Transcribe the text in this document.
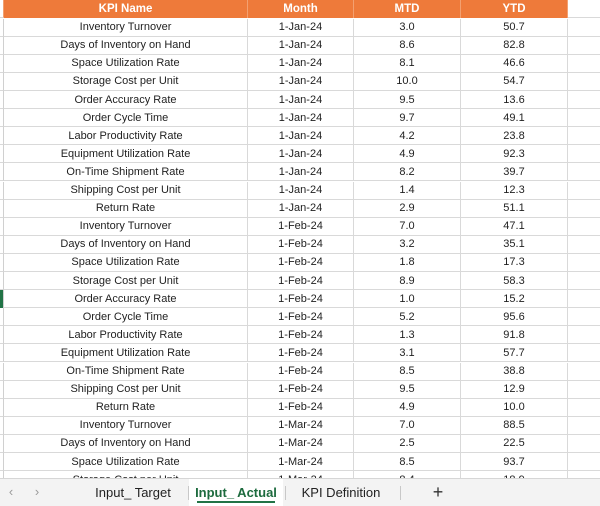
KPI Name	Month	MTD	YTD
Inventory Turnover	1-Jan-24	3.0	50.7
Days of Inventory on Hand	1-Jan-24	8.6	82.8
Space Utilization Rate	1-Jan-24	8.1	46.6
Storage Cost per Unit	1-Jan-24	10.0	54.7
Order Accuracy Rate	1-Jan-24	9.5	13.6
Order Cycle Time	1-Jan-24	9.7	49.1
Labor Productivity Rate	1-Jan-24	4.2	23.8
Equipment Utilization Rate	1-Jan-24	4.9	92.3
On-Time Shipment Rate	1-Jan-24	8.2	39.7
Shipping Cost per Unit	1-Jan-24	1.4	12.3
Return Rate	1-Jan-24	2.9	51.1
Inventory Turnover	1-Feb-24	7.0	47.1
Days of Inventory on Hand	1-Feb-24	3.2	35.1
Space Utilization Rate	1-Feb-24	1.8	17.3
Storage Cost per Unit	1-Feb-24	8.9	58.3
Order Accuracy Rate	1-Feb-24	1.0	15.2
Order Cycle Time	1-Feb-24	5.2	95.6
Labor Productivity Rate	1-Feb-24	1.3	91.8
Equipment Utilization Rate	1-Feb-24	3.1	57.7
On-Time Shipment Rate	1-Feb-24	8.5	38.8
Shipping Cost per Unit	1-Feb-24	9.5	12.9
Return Rate	1-Feb-24	4.9	10.0
Inventory Turnover	1-Mar-24	7.0	88.5
Days of Inventory on Hand	1-Mar-24	2.5	22.5
Space Utilization Rate	1-Mar-24	8.5	93.7
‹	›	Input_ Target	Input_ Actual	KPI Definition	+
